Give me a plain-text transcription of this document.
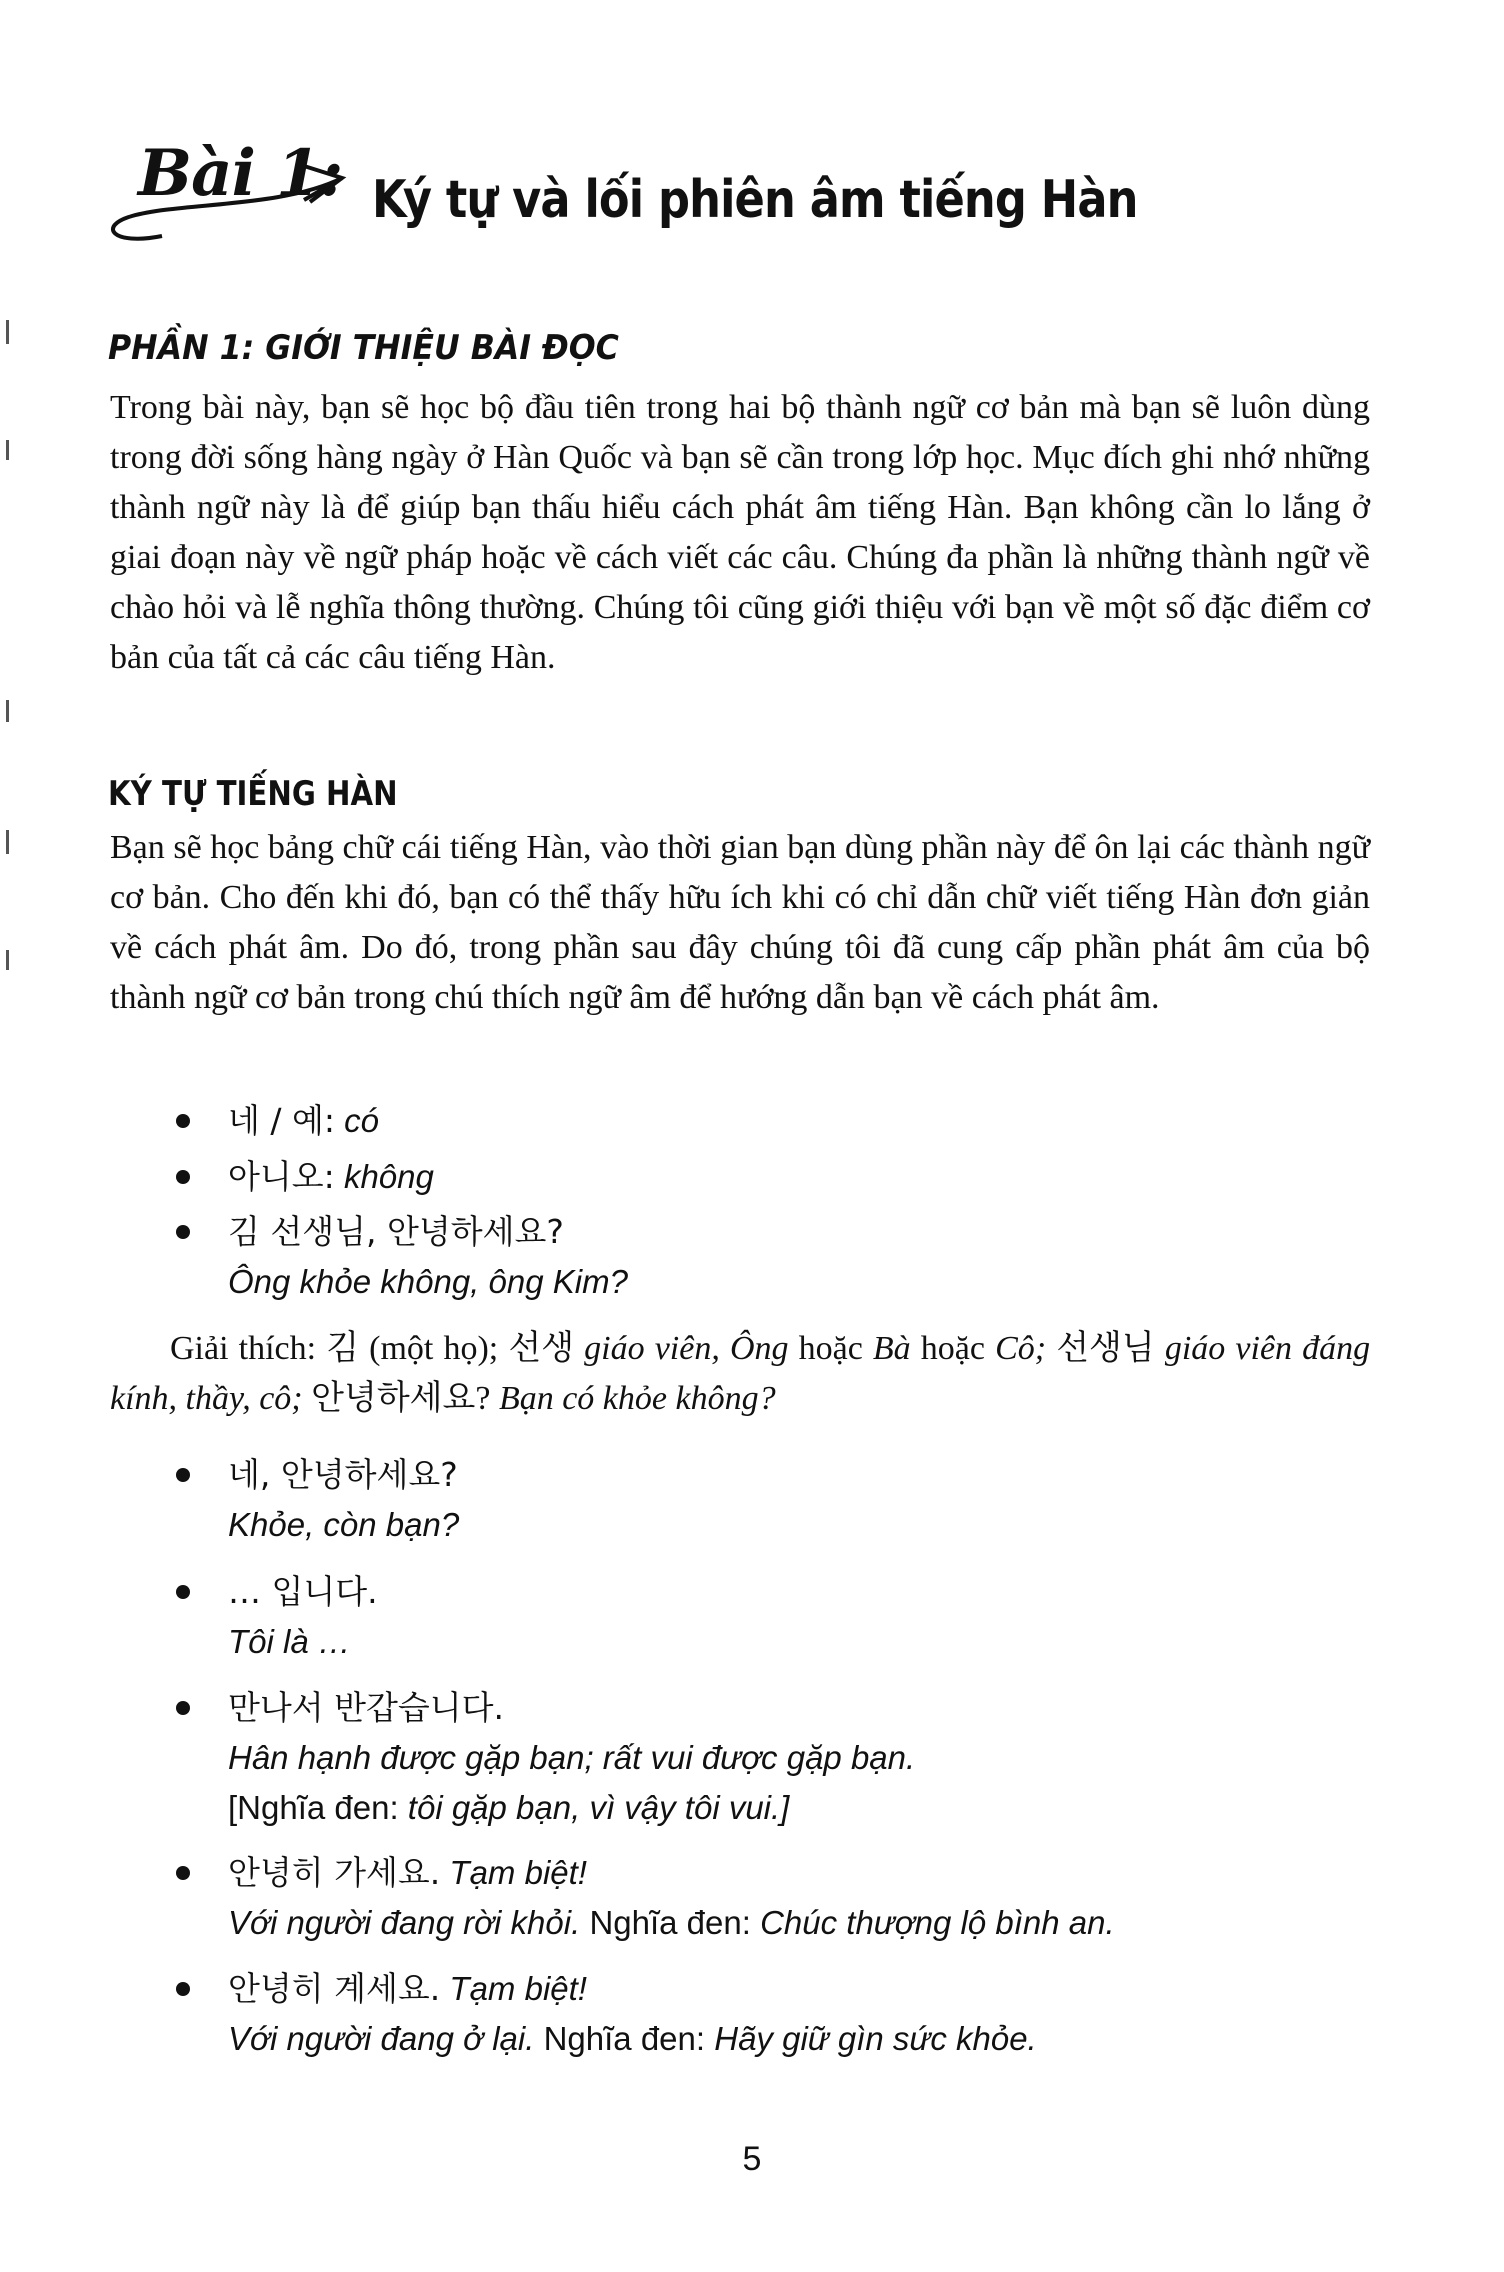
Bài 1: Ký tự và lối phiên âm tiếng Hàn
PHẦN 1: GIỚI THIỆU BÀI ĐỌC

Trong bài này, bạn sẽ học bộ đầu tiên trong hai bộ thành ngữ cơ bản mà bạn sẽ luôn dùng trong đời sống hàng ngày ở Hàn Quốc và bạn sẽ cần trong lớp học. Mục đích ghi nhớ những thành ngữ này là để giúp bạn thấu hiểu cách phát âm tiếng Hàn. Bạn không cần lo lắng ở giai đoạn này về ngữ pháp hoặc về cách viết các câu. Chúng đa phần là những thành ngữ về chào hỏi và lễ nghĩa thông thường. Chúng tôi cũng giới thiệu với bạn về một số đặc điểm cơ bản của tất cả các câu tiếng Hàn.

KÝ TỰ TIẾNG HÀN

Bạn sẽ học bảng chữ cái tiếng Hàn, vào thời gian bạn dùng phần này để ôn lại các thành ngữ cơ bản. Cho đến khi đó, bạn có thể thấy hữu ích khi có chỉ dẫn chữ viết tiếng Hàn đơn giản về cách phát âm. Do đó, trong phần sau đây chúng tôi đã cung cấp phần phát âm của bộ thành ngữ cơ bản trong chú thích ngữ âm để hướng dẫn bạn về cách phát âm.

네 / 예: có
아니오: không
김 선생님, 안녕하세요?
Ông khỏe không, ông Kim?

Giải thích: 김 (một họ); 선생 giáo viên, Ông hoặc Bà hoặc Cô; 선생님 giáo viên đáng kính, thầy, cô; 안녕하세요? Bạn có khỏe không?

네, 안녕하세요?
Khỏe, còn bạn?
… 입니다.
Tôi là …
만나서 반갑습니다.
Hân hạnh được gặp bạn; rất vui được gặp bạn.
[Nghĩa đen: tôi gặp bạn, vì vậy tôi vui.]
안녕히 가세요. Tạm biệt!
Với người đang rời khỏi. Nghĩa đen: Chúc thượng lộ bình an.
안녕히 계세요. Tạm biệt!
Với người đang ở lại. Nghĩa đen: Hãy giữ gìn sức khỏe.
5
